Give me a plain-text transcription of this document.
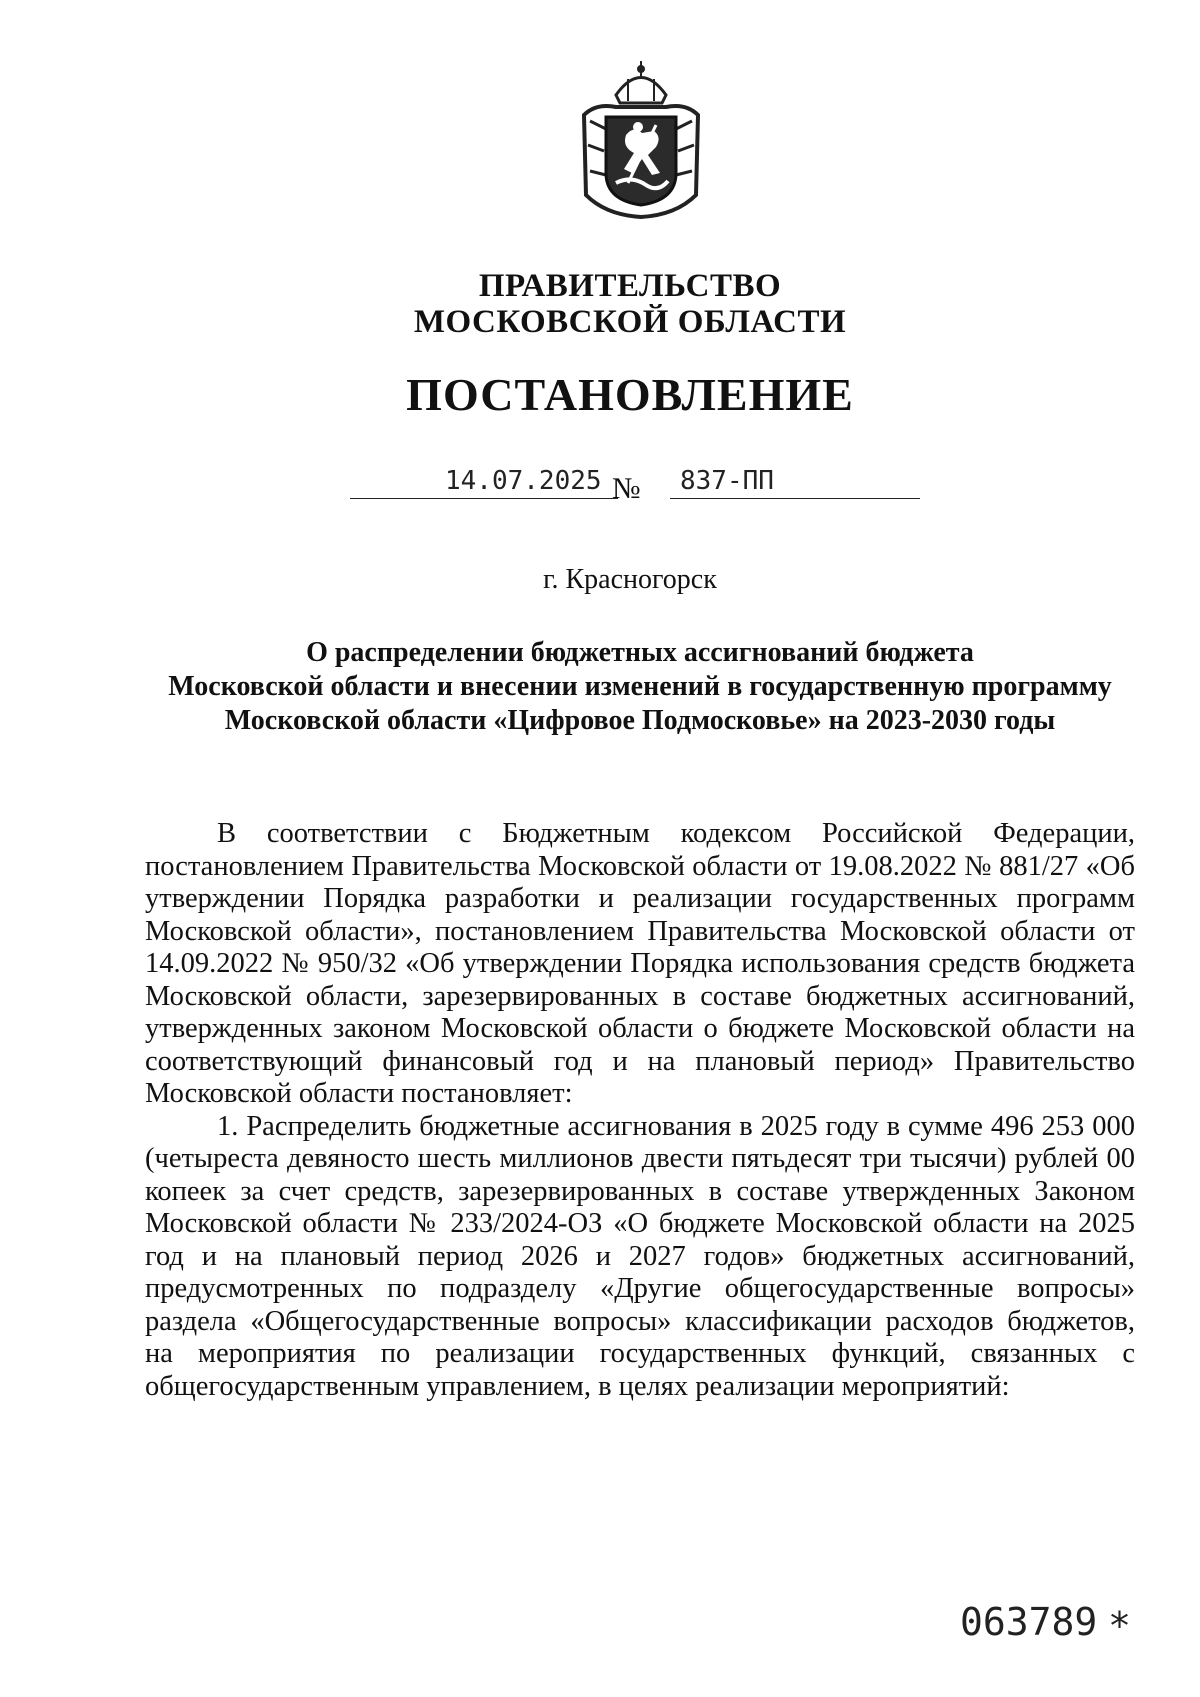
ПРАВИТЕЛЬСТВО

МОСКОВСКОЙ ОБЛАСТИ

ПОСТАНОВЛЕНИЕ

14.07.2025 № 837-ПП
г. Красногорск
О распределении бюджетных ассигнований бюджета
Московской области и внесении изменений в государственную программу
Московской области «Цифровое Подмосковье» на 2023-2030 годы

В соответствии с Бюджетным кодексом Российской Федерации, постановлением Правительства Московской области от 19.08.2022 № 881/27 «Об утверждении Порядка разработки и реализации государственных программ Московской области», постановлением Правительства Московской области от 14.09.2022 № 950/32 «Об утверждении Порядка использования средств бюджета Московской области, зарезервированных в составе бюджетных ассигнований, утвержденных законом Московской области о бюджете Московской области на соответствующий финансовый год и на плановый период» Правительство Московской области постановляет:

1. Распределить бюджетные ассигнования в 2025 году в сумме 496 253 000 (четыреста девяносто шесть миллионов двести пятьдесят три тысячи) рублей 00 копеек за счет средств, зарезервированных в составе утвержденных Законом Московской области № 233/2024-ОЗ «О бюджете Московской области на 2025 год и на плановый период 2026 и 2027 годов» бюджетных ассигнований, предусмотренных по подразделу «Другие общегосударственные вопросы» раздела «Общегосударственные вопросы» классификации расходов бюджетов, на мероприятия по реализации государственных функций, связанных с общегосударственным управлением, в целях реализации мероприятий:

063789 *
